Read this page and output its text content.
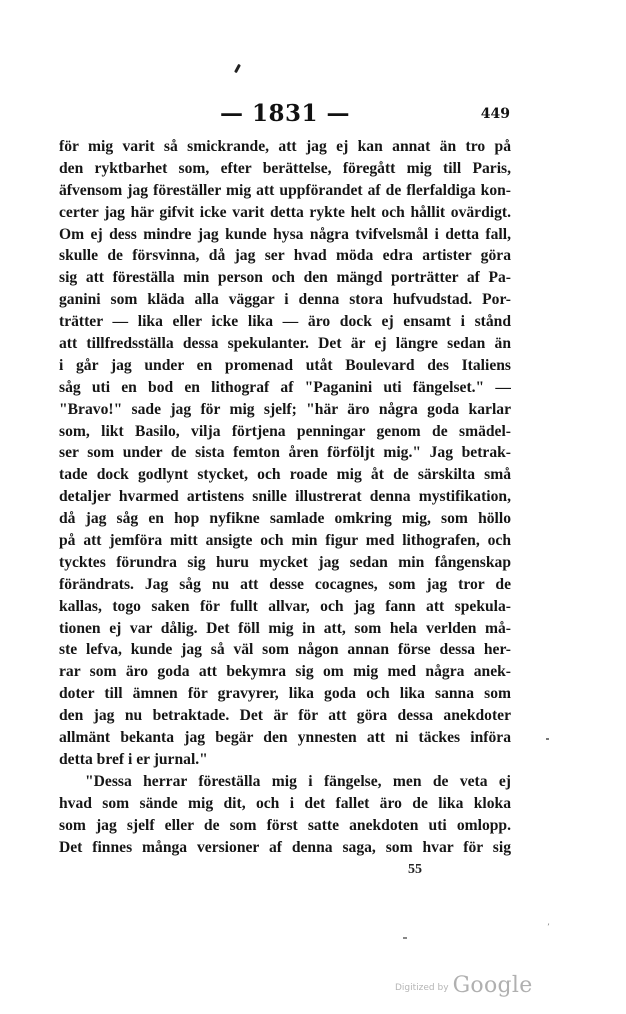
— 1831 —	449
för mig varit så smickrande, att jag ej kan annat än tro på
den ryktbarhet som, efter berättelse, föregått mig till Paris,
äfvensom jag föreställer mig att uppförandet af de flerfaldiga kon-
certer jag här gifvit icke varit detta rykte helt och hållit ovärdigt.
Om ej dess mindre jag kunde hysa några tvifvelsmål i detta fall,
skulle de försvinna, då jag ser hvad möda edra artister göra
sig att föreställa min person och den mängd porträtter af Pa-
ganini som kläda alla väggar i denna stora hufvudstad. Por-
trätter — lika eller icke lika — äro dock ej ensamt i stånd
att tillfredsställa dessa spekulanter. Det är ej längre sedan än
i går jag under en promenad utåt Boulevard des Italiens
såg uti en bod en lithograf af "Paganini uti fängelset." —
"Bravo!" sade jag för mig sjelf; "här äro några goda karlar
som, likt Basilo, vilja förtjena penningar genom de smädel-
ser som under de sista femton åren förföljt mig." Jag betrak-
tade dock godlynt stycket, och roade mig åt de särskilta små
detaljer hvarmed artistens snille illustrerat denna mystifikation,
då jag såg en hop nyfikne samlade omkring mig, som höllo
på att jemföra mitt ansigte och min figur med lithografen, och
tycktes förundra sig huru mycket jag sedan min fångenskap
förändrats. Jag såg nu att desse cocagnes, som jag tror de
kallas, togo saken för fullt allvar, och jag fann att spekula-
tionen ej var dålig. Det föll mig in att, som hela verlden må-
ste lefva, kunde jag så väl som någon annan förse dessa her-
rar som äro goda att bekymra sig om mig med några anek-
doter till ämnen för gravyrer, lika goda och lika sanna som
den jag nu betraktade. Det är för att göra dessa anekdoter
allmänt bekanta jag begär den ynnesten att ni täckes införa
detta bref i er jurnal."
"Dessa herrar föreställa mig i fängelse, men de veta ej
hvad som sände mig dit, och i det fallet äro de lika kloka
som jag sjelf eller de som först satte anekdoten uti omlopp.
Det finnes många versioner af denna saga, som hvar för sig
55
’
Digitized by Google
